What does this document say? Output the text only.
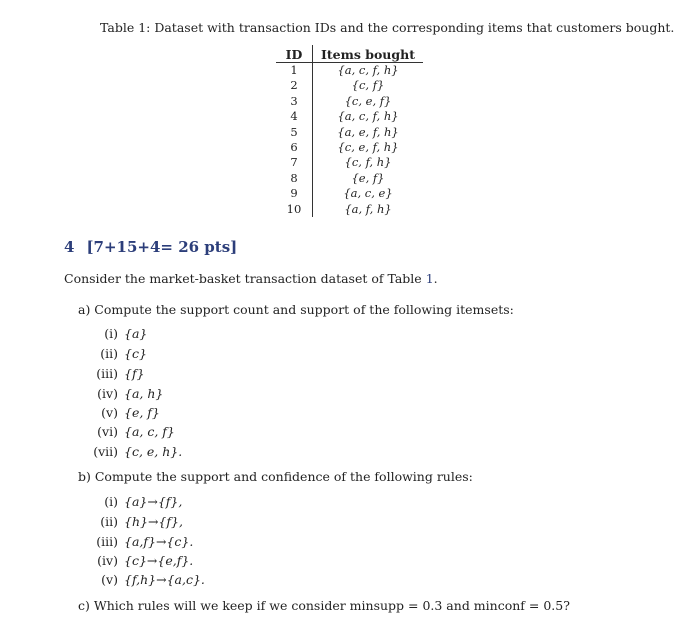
Table 1: Dataset with transaction IDs and the corresponding items that customers bought.
ID	Items bought
1	{a, c, f, h}
2	{c, f}
3	{c, e, f}
4	{a, c, f, h}
5	{a, e, f, h}
6	{c, e, f, h}
7	{c, f, h}
8	{e, f}
9	{a, c, e}
10	{a, f, h}
4 [7+15+4= 26 pts]
Consider the market-basket transaction dataset of Table 1.
a) Compute the support count and support of the following itemsets:
(i) {a}
(ii) {c}
(iii) {f}
(iv) {a, h}
(v) {e, f}
(vi) {a, c, f}
(vii) {c, e, h}.
b) Compute the support and confidence of the following rules:
(i) {a}→{f},
(ii) {h}→{f},
(iii) {a,f}→{c}.
(iv) {c}→{e,f}.
(v) {f,h}→{a,c}.
c) Which rules will we keep if we consider minsupp = 0.3 and minconf = 0.5?
